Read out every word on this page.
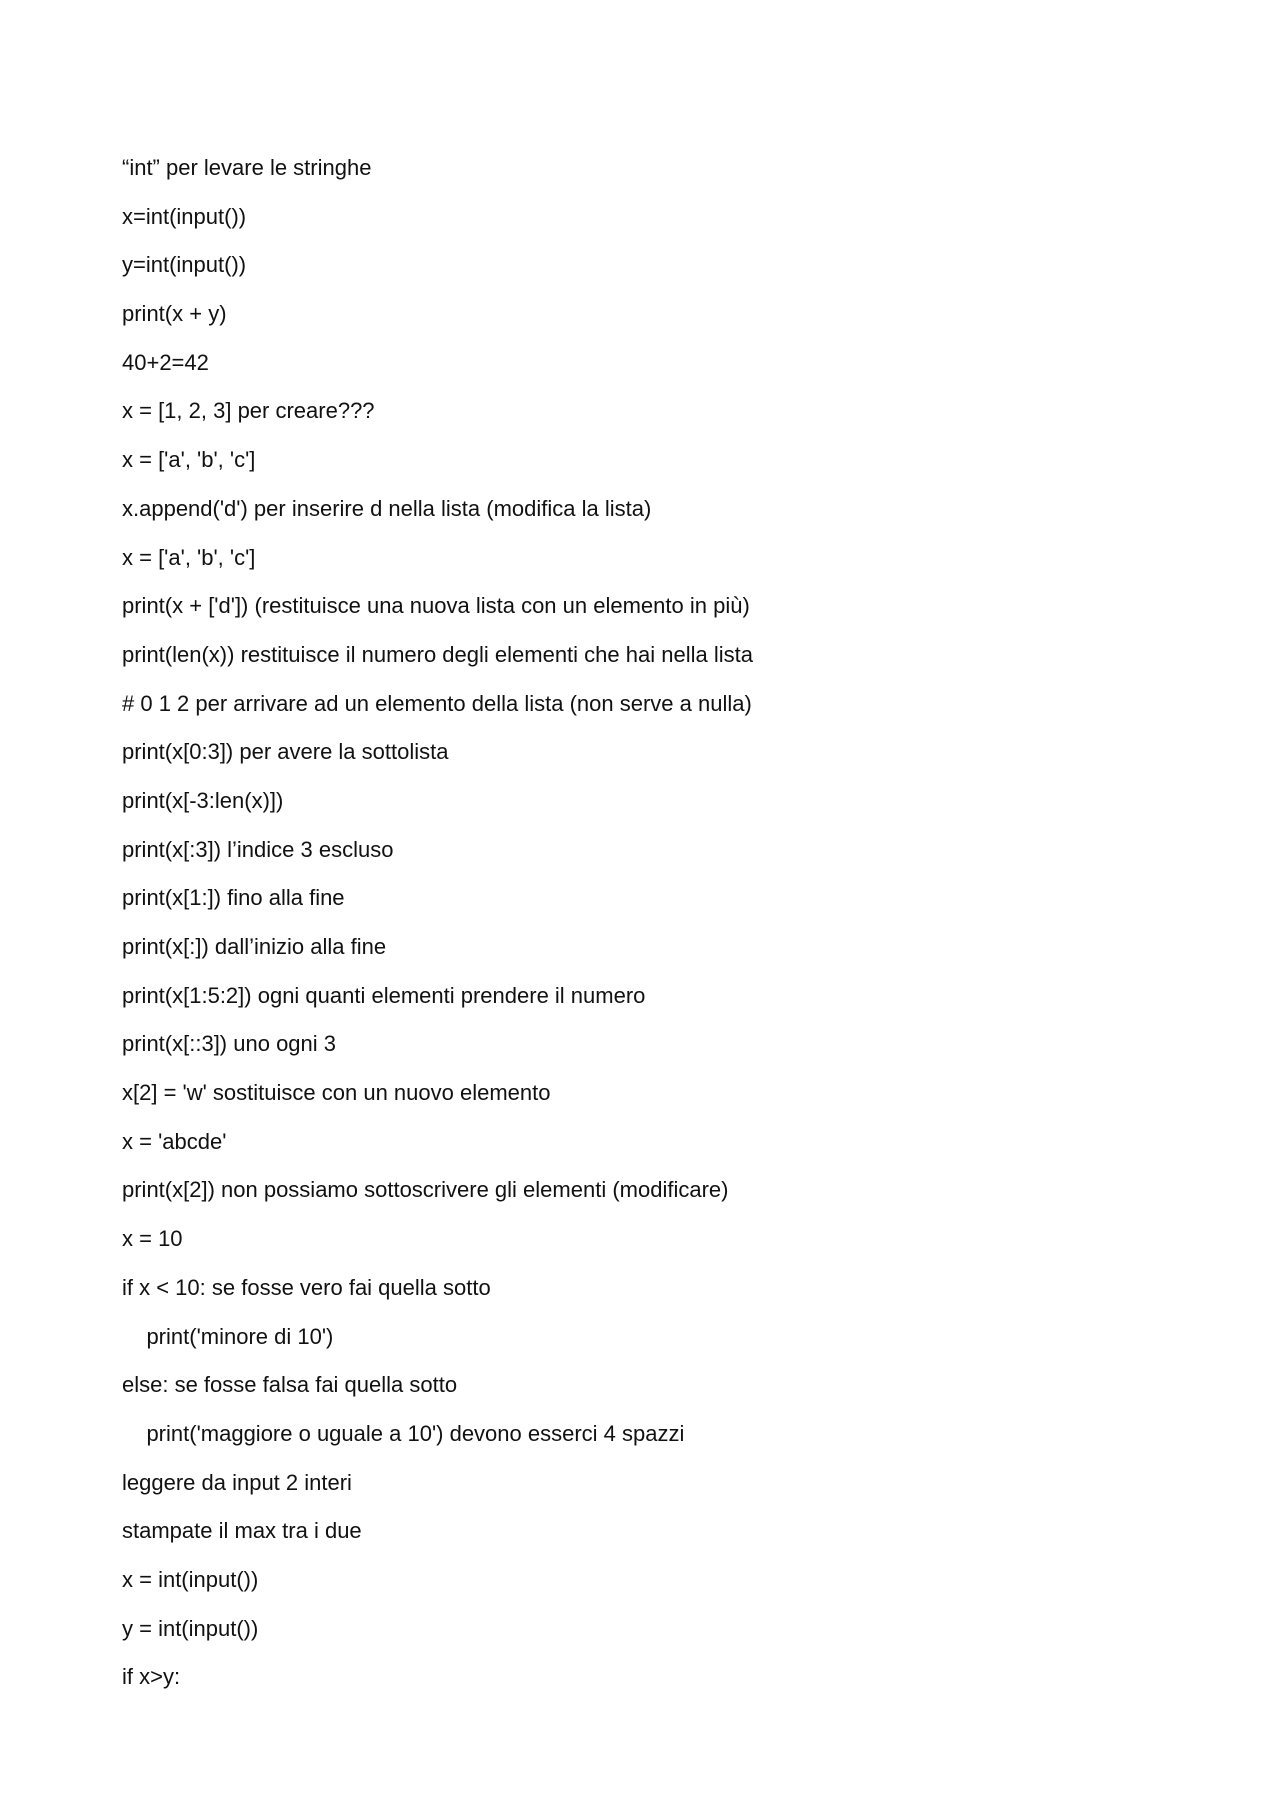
“int” per levare le stringhe
x=int(input())
y=int(input())
print(x + y)
40+2=42
x = [1, 2, 3] per creare???
x = ['a', 'b', 'c']
x.append('d') per inserire d nella lista (modifica la lista)
x = ['a', 'b', 'c']
print(x + ['d']) (restituisce una nuova lista con un elemento in più)
print(len(x)) restituisce il numero degli elementi che hai nella lista
# 0 1 2 per arrivare ad un elemento della lista (non serve a nulla)
print(x[0:3]) per avere la sottolista
print(x[-3:len(x)])
print(x[:3]) l’indice 3 escluso
print(x[1:]) fino alla fine
print(x[:]) dall’inizio alla fine
print(x[1:5:2]) ogni quanti elementi prendere il numero
print(x[::3]) uno ogni 3
x[2] = 'w' sostituisce con un nuovo elemento
x = 'abcde'
print(x[2]) non possiamo sottoscrivere gli elementi (modificare)
x = 10
if x < 10: se fosse vero fai quella sotto
print('minore di 10')
else: se fosse falsa fai quella sotto
print('maggiore o uguale a 10') devono esserci 4 spazzi
leggere da input 2 interi
stampate il max tra i due
x = int(input())
y = int(input())
if x>y:
